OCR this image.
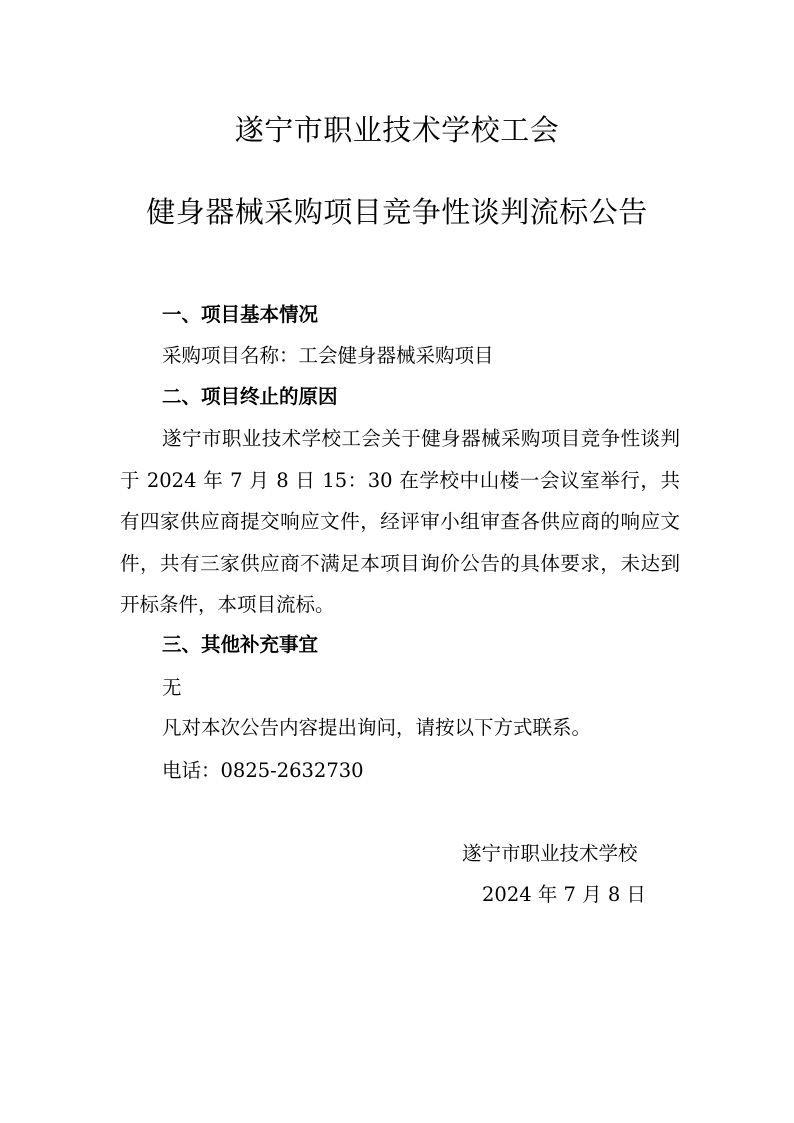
遂宁市职业技术学校工会
健身器械采购项目竞争性谈判流标公告
一、项目基本情况
采购项目名称：工会健身器械采购项目
二、项目终止的原因
遂宁市职业技术学校工会关于健身器械采购项目竞争性谈判于 2024 年 7 月 8 日 15：30 在学校中山楼一会议室举行，共有四家供应商提交响应文件，经评审小组审查各供应商的响应文件，共有三家供应商不满足本项目询价公告的具体要求，未达到开标条件，本项目流标。
三、其他补充事宜
无
凡对本次公告内容提出询问，请按以下方式联系。
电话：0825-2632730
遂宁市职业技术学校
2024 年 7 月 8 日
